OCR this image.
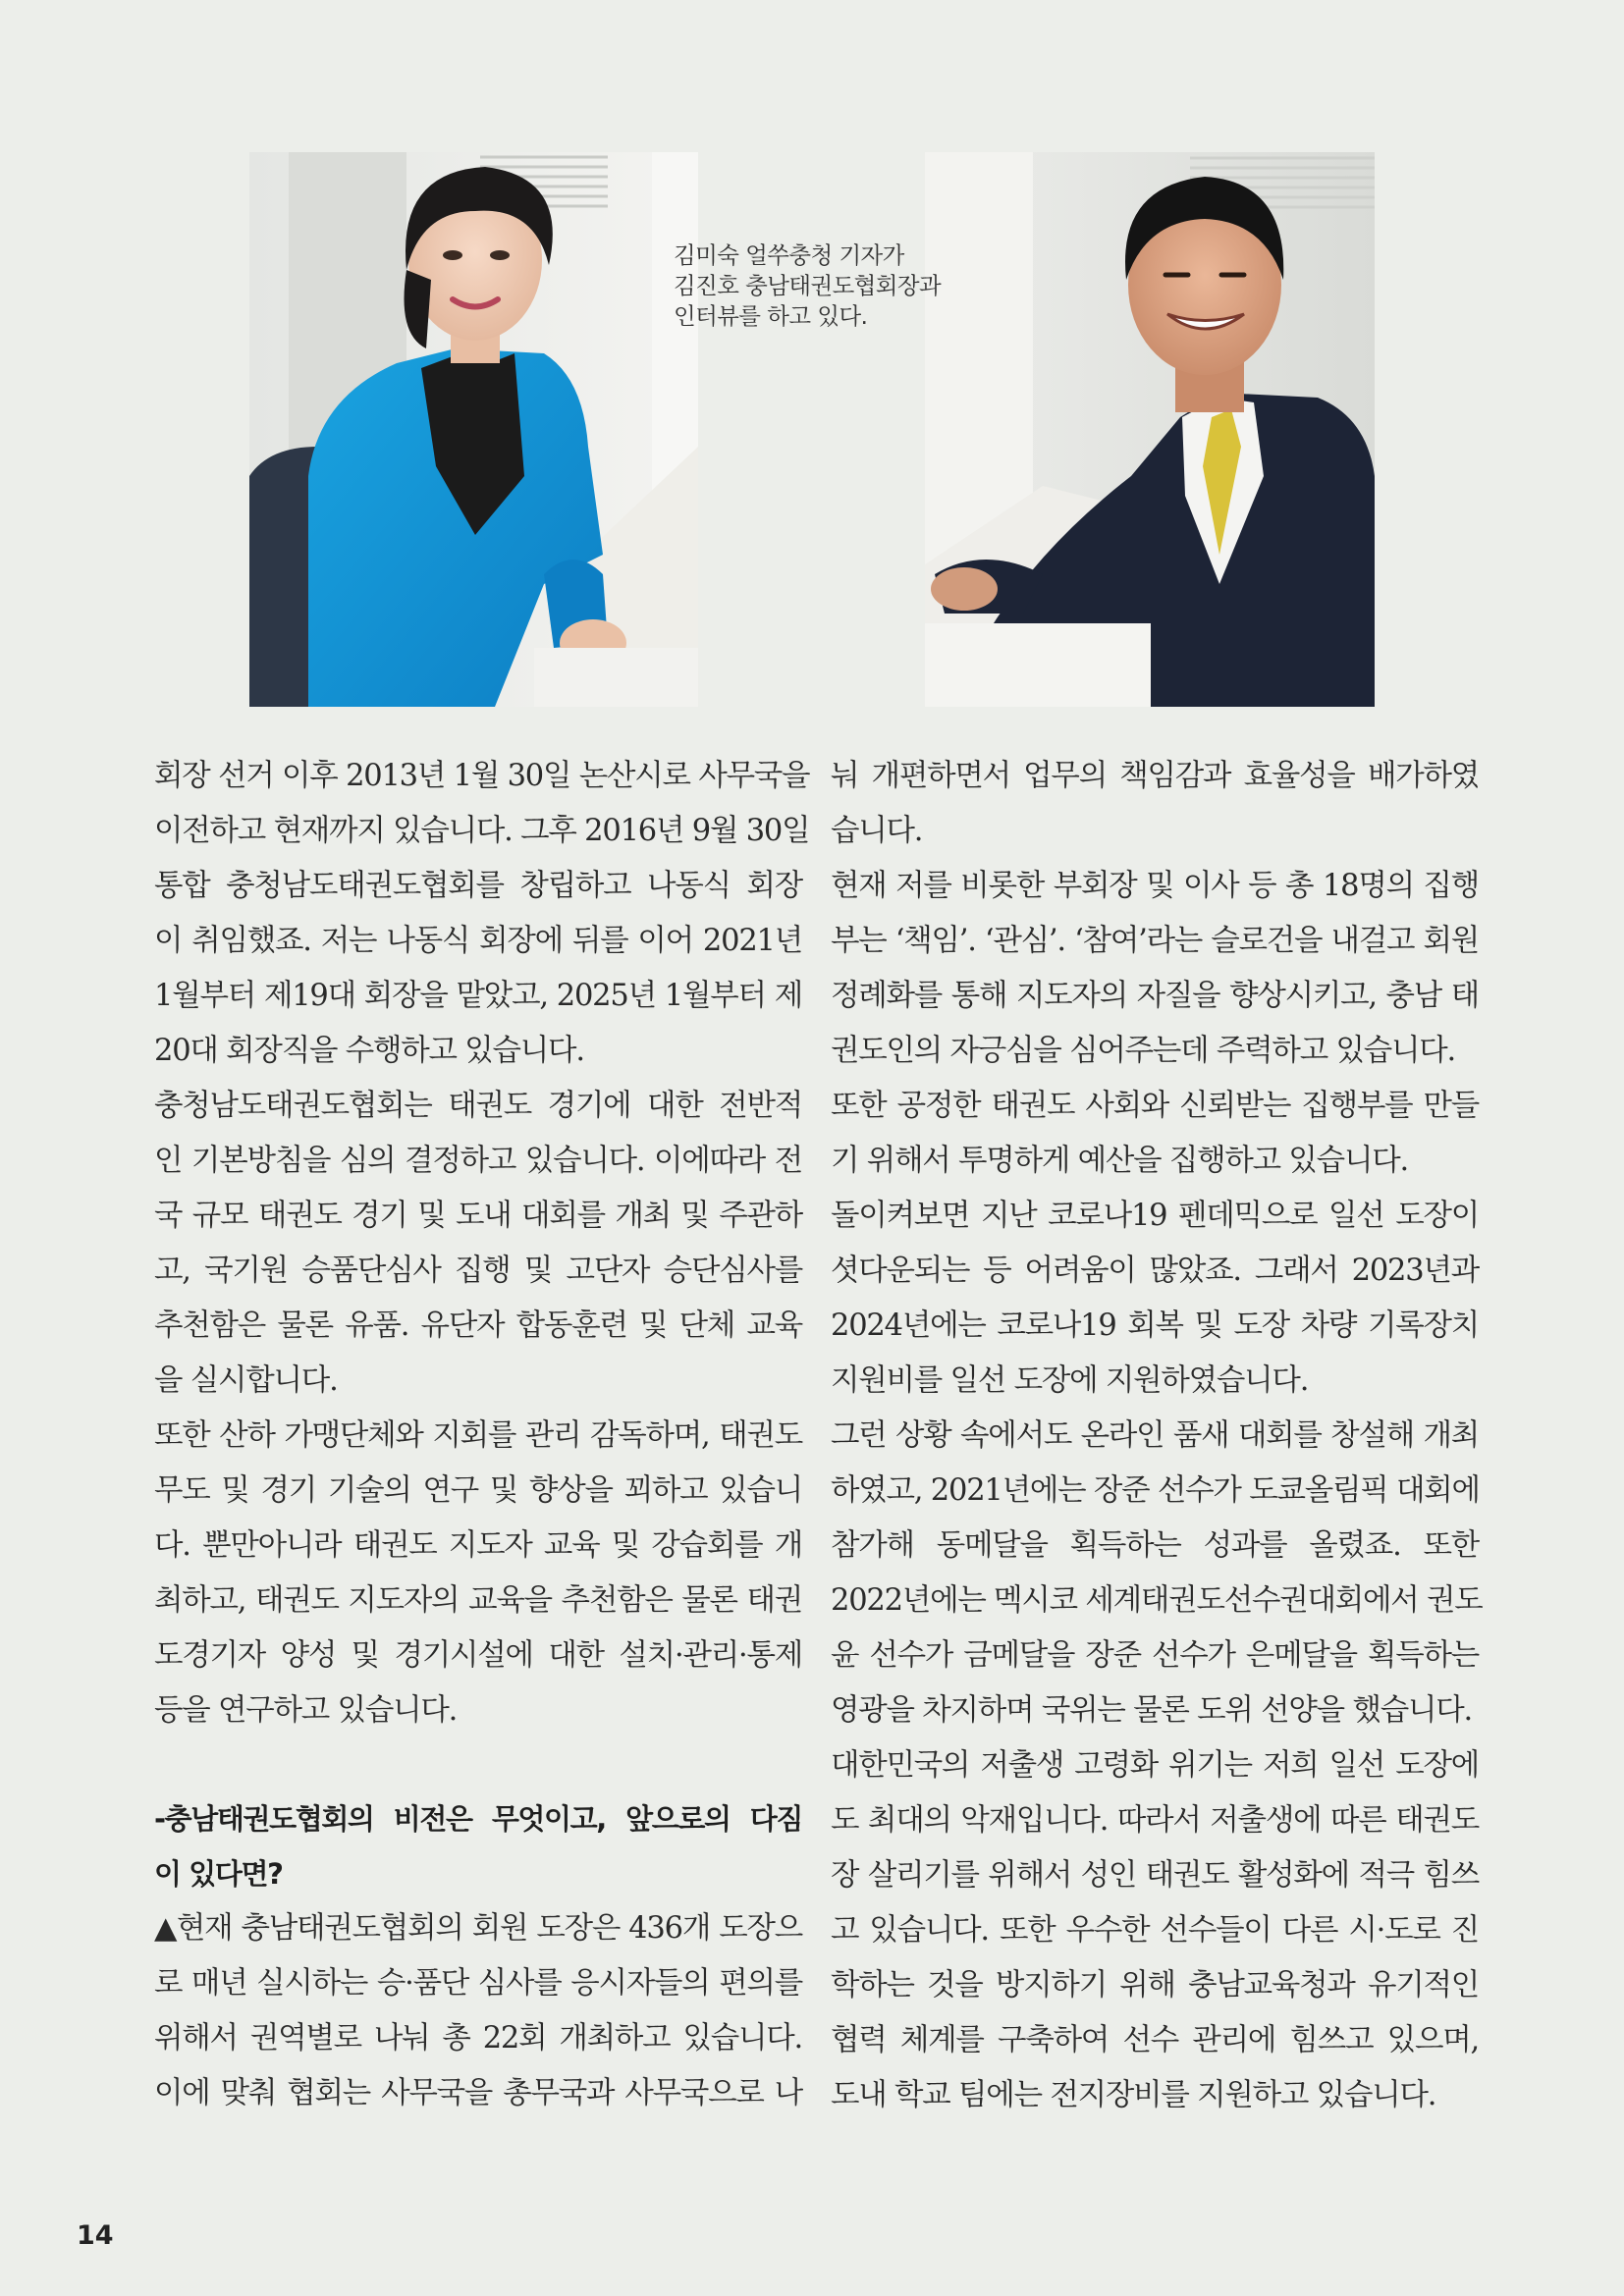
김미숙 얼쑤충청 기자가
김진호 충남태권도협회장과
인터뷰를 하고 있다.
회장 선거 이후 2013년 1월 30일 논산시로 사무국을
이전하고 현재까지 있습니다. 그후 2016년 9월 30일
통합 충청남도태권도협회를 창립하고 나동식 회장
이 취임했죠. 저는 나동식 회장에 뒤를 이어 2021년
1월부터 제19대 회장을 맡았고, 2025년 1월부터 제
20대 회장직을 수행하고 있습니다.
충청남도태권도협회는 태권도 경기에 대한 전반적
인 기본방침을 심의 결정하고 있습니다. 이에따라 전
국 규모 태권도 경기 및 도내 대회를 개최 및 주관하
고, 국기원 승품단심사 집행 및 고단자 승단심사를
추천함은 물론 유품. 유단자 합동훈련 및 단체 교육
을 실시합니다.
또한 산하 가맹단체와 지회를 관리 감독하며, 태권도
무도 및 경기 기술의 연구 및 향상을 꾀하고 있습니
다. 뿐만아니라 태권도 지도자 교육 및 강습회를 개
최하고, 태권도 지도자의 교육을 추천함은 물론 태권
도경기자 양성 및 경기시설에 대한 설치·관리·통제
등을 연구하고 있습니다.
-충남태권도협회의 비전은 무엇이고, 앞으로의 다짐
이 있다면?
▲현재 충남태권도협회의 회원 도장은 436개 도장으
로 매년 실시하는 승·품단 심사를 응시자들의 편의를
위해서 권역별로 나눠 총 22회 개최하고 있습니다.
이에 맞춰 협회는 사무국을 총무국과 사무국으로 나
눠 개편하면서 업무의 책임감과 효율성을 배가하였
습니다.
현재 저를 비롯한 부회장 및 이사 등 총 18명의 집행
부는 ‘책임’. ‘관심’. ‘참여’라는 슬로건을 내걸고 회원
정례화를 통해 지도자의 자질을 향상시키고, 충남 태
권도인의 자긍심을 심어주는데 주력하고 있습니다.
또한 공정한 태권도 사회와 신뢰받는 집행부를 만들
기 위해서 투명하게 예산을 집행하고 있습니다.
돌이켜보면 지난 코로나19 펜데믹으로 일선 도장이
셧다운되는 등 어려움이 많았죠. 그래서 2023년과
2024년에는 코로나19 회복 및 도장 차량 기록장치
지원비를 일선 도장에 지원하였습니다.
그런 상황 속에서도 온라인 품새 대회를 창설해 개최
하였고, 2021년에는 장준 선수가 도쿄올림픽 대회에
참가해 동메달을 획득하는 성과를 올렸죠. 또한
2022년에는 멕시코 세계태권도선수권대회에서 권도
윤 선수가 금메달을 장준 선수가 은메달을 획득하는
영광을 차지하며 국위는 물론 도위 선양을 했습니다.
대한민국의 저출생 고령화 위기는 저희 일선 도장에
도 최대의 악재입니다. 따라서 저출생에 따른 태권도
장 살리기를 위해서 성인 태권도 활성화에 적극 힘쓰
고 있습니다. 또한 우수한 선수들이 다른 시·도로 진
학하는 것을 방지하기 위해 충남교육청과 유기적인
협력 체계를 구축하여 선수 관리에 힘쓰고 있으며,
도내 학교 팀에는 전지장비를 지원하고 있습니다.
14
